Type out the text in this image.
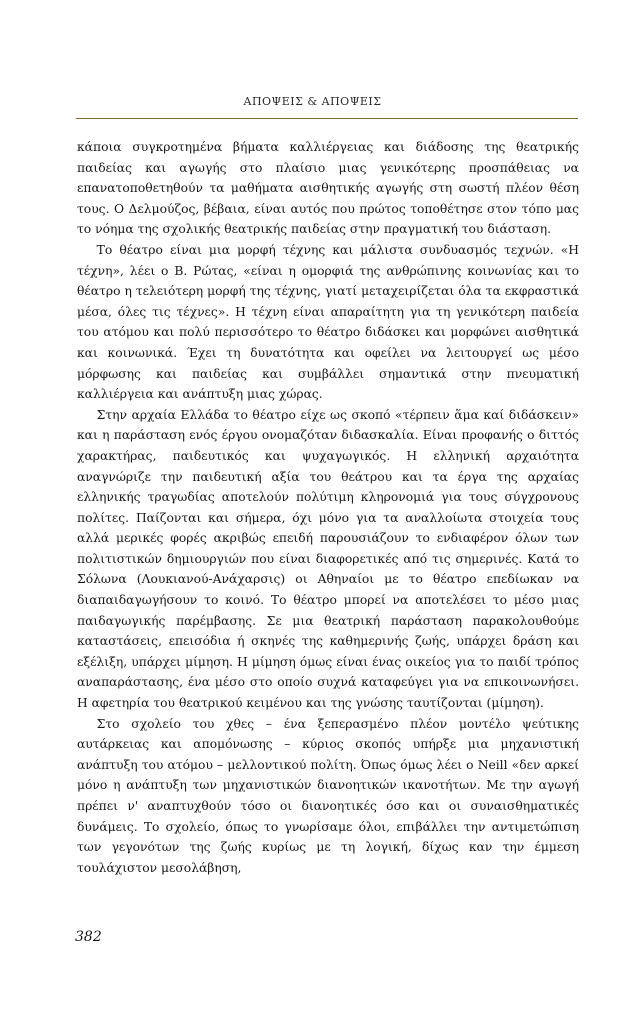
ΑΠΟΨΕΙΣ & ΑΠΟΨΕΙΣ

κάποια συγκροτημένα βήματα καλλιέργειας και διάδοσης της θεατρικής παιδείας και αγωγής στο πλαίσιο μιας γενικότερης προσπάθειας να επανατοποθετηθούν τα μαθήματα αισθητικής αγωγής στη σωστή πλέον θέση τους. Ο Δελμούζος, βέβαια, είναι αυτός που πρώτος τοποθέτησε στον τόπο μας το νόημα της σχολικής θεατρικής παιδείας στην πραγματική του διάσταση.

Το θέατρο είναι μια μορφή τέχνης και μάλιστα συνδυασμός τεχνών. «Η τέχνη», λέει ο Β. Ρώτας, «είναι η ομορφιά της ανθρώπινης κοινωνίας και το θέατρο η τελειότερη μορφή της τέχνης, γιατί μεταχειρίζεται όλα τα εκφραστικά μέσα, όλες τις τέχνες». Η τέχνη είναι απαραίτητη για τη γενικότερη παιδεία του ατόμου και πολύ περισσότερο το θέατρο διδάσκει και μορφώνει αισθητικά και κοινωνικά. Έχει τη δυνατότητα και οφείλει να λειτουργεί ως μέσο μόρφωσης και παιδείας και συμβάλλει σημαντικά στην πνευματική καλλιέργεια και ανάπτυξη μιας χώρας.

Στην αρχαία Ελλάδα το θέατρο είχε ως σκοπό «τέρπειν ἅμα καί διδάσκειν» και η παράσταση ενός έργου ονομαζόταν διδασκαλία. Είναι προφανής ο διττός χαρακτήρας, παιδευτικός και ψυχαγωγικός. Η ελληνική αρχαιότητα αναγνώριζε την παιδευτική αξία του θεάτρου και τα έργα της αρχαίας ελληνικής τραγωδίας αποτελούν πολύτιμη κληρονομιά για τους σύγχρονους πολίτες. Παίζονται και σήμερα, όχι μόνο για τα αναλλοίωτα στοιχεία τους αλλά μερικές φορές ακριβώς επειδή παρουσιάζουν το ενδιαφέρον όλων των πολιτιστικών δημιουργιών που είναι διαφορετικές από τις σημερινές. Κατά το Σόλωνα (Λουκιανού-Ανάχαρσις) οι Αθηναίοι με το θέατρο επεδίωκαν να διαπαιδαγωγήσουν το κοινό. Το θέατρο μπορεί να αποτελέσει το μέσο μιας παιδαγωγικής παρέμβασης. Σε μια θεατρική παράσταση παρακολουθούμε καταστάσεις, επεισόδια ή σκηνές της καθημερινής ζωής, υπάρχει δράση και εξέλιξη, υπάρχει μίμηση. Η μίμηση όμως είναι ένας οικείος για το παιδί τρόπος αναπαράστασης, ένα μέσο στο οποίο συχνά καταφεύγει για να επικοινωνήσει. Η αφετηρία του θεατρικού κειμένου και της γνώσης ταυτίζονται (μίμηση).

Στο σχολείο του χθες – ένα ξεπερασμένο πλέον μοντέλο ψεύτικης αυτάρκειας και απομόνωσης – κύριος σκοπός υπήρξε μια μηχανιστική ανάπτυξη του ατόμου – μελλοντικού πολίτη. Όπως όμως λέει ο Neill «δεν αρκεί μόνο η ανάπτυξη των μηχανιστικών διανοητικών ικανοτήτων. Με την αγωγή πρέπει ν' αναπτυχθούν τόσο οι διανοητικές όσο και οι συναισθηματικές δυνάμεις. Το σχολείο, όπως το γνωρίσαμε όλοι, επιβάλλει την αντιμετώπιση των γεγονότων της ζωής κυρίως με τη λογική, δίχως καν την έμμεση τουλάχιστον μεσολάβηση,

382
